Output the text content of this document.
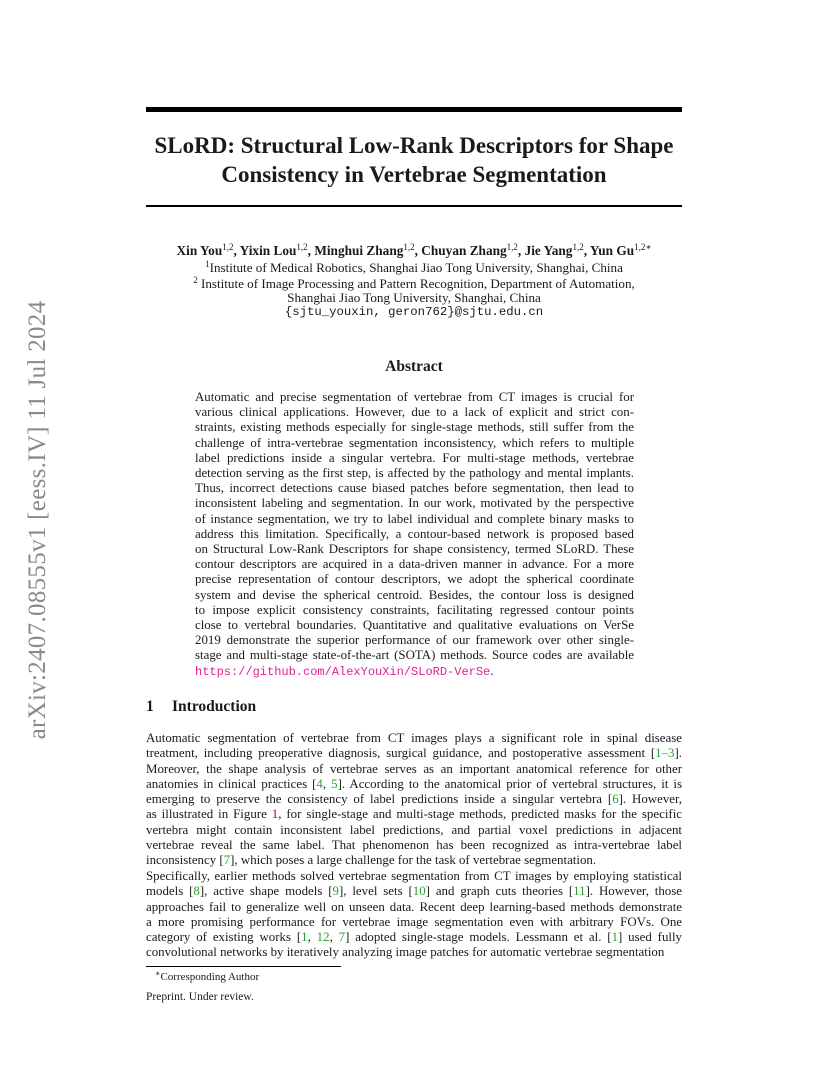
arXiv:2407.08555v1 [eess.IV] 11 Jul 2024
SLoRD: Structural Low-Rank Descriptors for Shape
Consistency in Vertebrae Segmentation
Xin You$^{1,2}$, Yixin Lou$^{1,2}$, Minghui Zhang$^{1,2}$, Chuyan Zhang$^{1,2}$, Jie Yang$^{1,2}$, Yun $Gu^{1,2∗}$
$^1$Institute of Medical Robotics, Shanghai Jiao Tong University, Shanghai, China
$^2$ Institute of Image Processing and Pattern Recognition, Department of Automation,
Shanghai Jiao Tong University, Shanghai, China
{sjtu_youxin, geron762}@sjtu.edu.cn
Abstract
Automatic and precise segmentation of vertebrae from CT images is crucial for
various clinical applications. However, due to a lack of explicit and strict con-
straints, existing methods especially for single-stage methods, still suffer from the
challenge of intra-vertebrae segmentation inconsistency, which refers to multiple
label predictions inside a singular vertebra. For multi-stage methods, vertebrae
detection serving as the first step, is affected by the pathology and mental implants.
Thus, incorrect detections cause biased patches before segmentation, then lead to
inconsistent labeling and segmentation. In our work, motivated by the perspective
of instance segmentation, we try to label individual and complete binary masks to
address this limitation. Specifically, a contour-based network is proposed based
on Structural Low-Rank Descriptors for shape consistency, termed SLoRD. These
contour descriptors are acquired in a data-driven manner in advance. For a more
precise representation of contour descriptors, we adopt the spherical coordinate
system and devise the spherical centroid. Besides, the contour loss is designed
to impose explicit consistency constraints, facilitating regressed contour points
close to vertebral boundaries. Quantitative and qualitative evaluations on VerSe
2019 demonstrate the superior performance of our framework over other single-
stage and multi-stage state-of-the-art (SOTA) methods. Source codes are available
https://github.com/AlexYouXin/SLoRD-VerSe.
1 Introduction
Automatic segmentation of vertebrae from CT images plays a significant role in spinal disease
treatment, including preoperative diagnosis, surgical guidance, and postoperative assessment [1–3].
Moreover, the shape analysis of vertebrae serves as an important anatomical reference for other
anatomies in clinical practices [4, 5]. According to the anatomical prior of vertebral structures, it is
emerging to preserve the consistency of label predictions inside a singular vertebra [6]. However,
as illustrated in Figure 1, for single-stage and multi-stage methods, predicted masks for the specific
vertebra might contain inconsistent label predictions, and partial voxel predictions in adjacent
vertebrae reveal the same label. That phenomenon has been recognized as intra-vertebrae label
inconsistency [7], which poses a large challenge for the task of vertebrae segmentation.
Specifically, earlier methods solved vertebrae segmentation from CT images by employing statistical
models [8], active shape models [9], level sets [10] and graph cuts theories [11]. However, those
approaches fail to generalize well on unseen data. Recent deep learning-based methods demonstrate
a more promising performance for vertebrae image segmentation even with arbitrary FOVs. One
category of existing works [1, 12, 7] adopted single-stage models. Lessmann et al. [1] used fully
convolutional networks by iteratively analyzing image patches for automatic vertebrae segmentation
∗Corresponding Author
Preprint. Under review.
